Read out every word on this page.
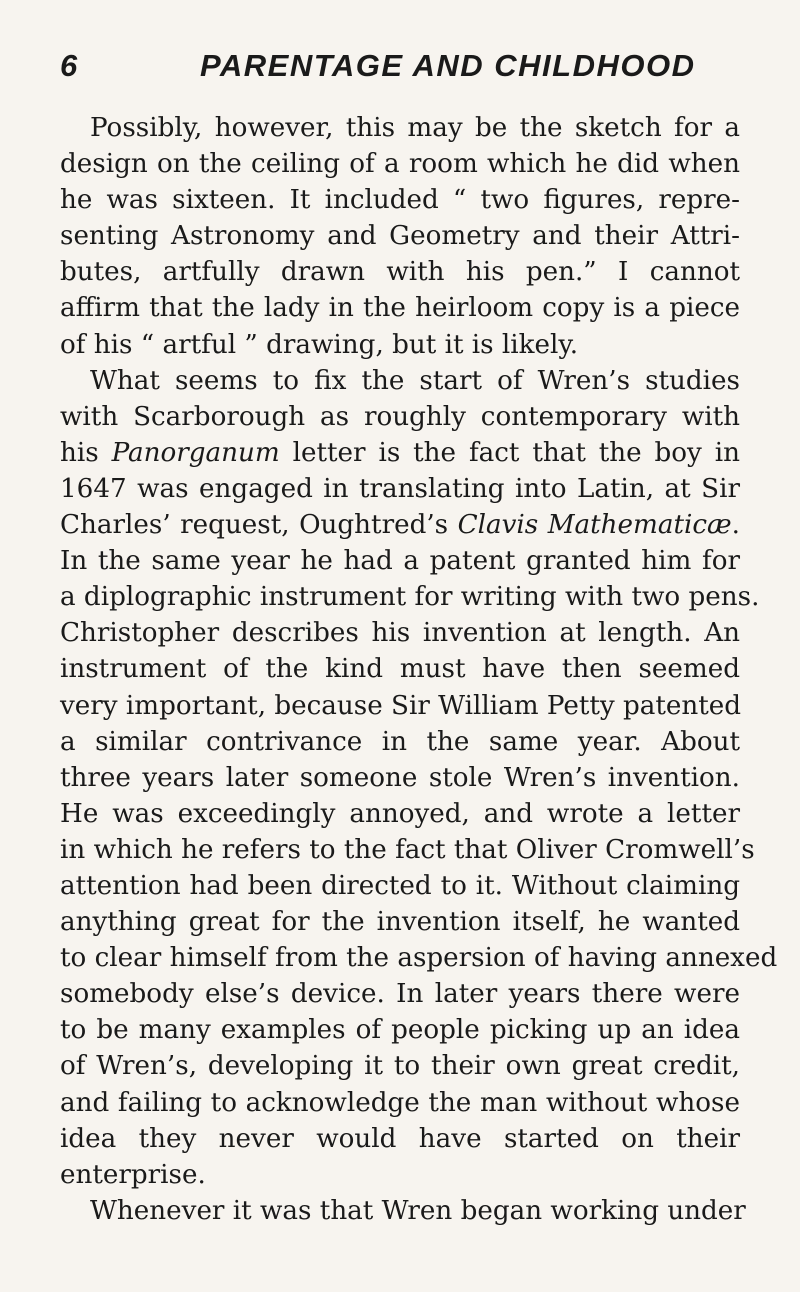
6	PARENTAGE AND CHILDHOOD
Possibly, however, this may be the sketch for a
design on the ceiling of a room which he did when
he was sixteen. It included “ two figures, repre-
senting Astronomy and Geometry and their Attri-
butes, artfully drawn with his pen.” I cannot
affirm that the lady in the heirloom copy is a piece
of his “ artful ” drawing, but it is likely.
What seems to fix the start of Wren’s studies
with Scarborough as roughly contemporary with
his Panorganum letter is the fact that the boy in
1647 was engaged in translating into Latin, at Sir
Charles’ request, Oughtred’s Clavis Mathematicæ.
In the same year he had a patent granted him for
a diplographic instrument for writing with two pens.
Christopher describes his invention at length. An
instrument of the kind must have then seemed
very important, because Sir William Petty patented
a similar contrivance in the same year. About
three years later someone stole Wren’s invention.
He was exceedingly annoyed, and wrote a letter
in which he refers to the fact that Oliver Cromwell’s
attention had been directed to it. Without claiming
anything great for the invention itself, he wanted
to clear himself from the aspersion of having annexed
somebody else’s device. In later years there were
to be many examples of people picking up an idea
of Wren’s, developing it to their own great credit,
and failing to acknowledge the man without whose
idea they never would have started on their
enterprise.
Whenever it was that Wren began working under
